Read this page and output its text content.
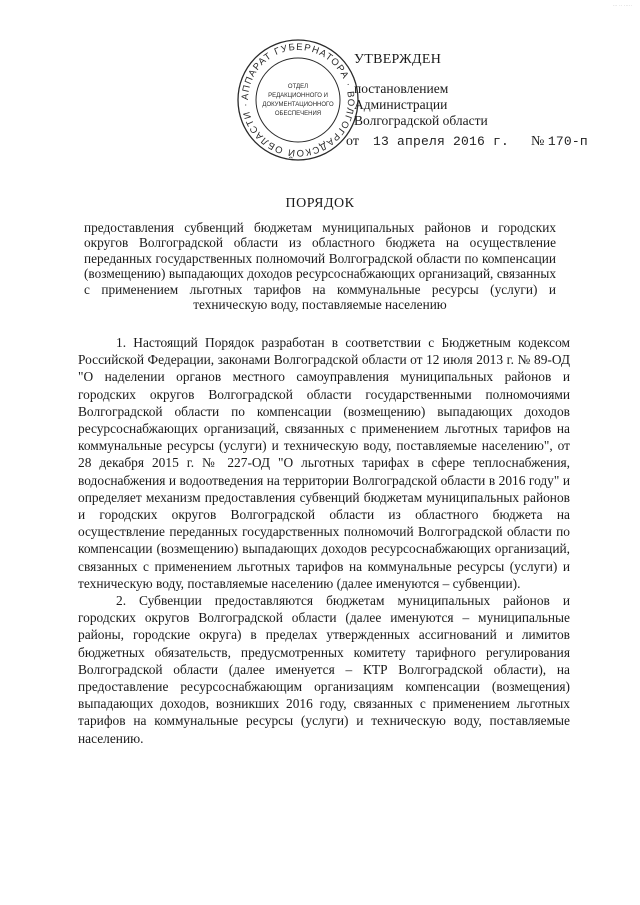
··· ·· ·····
АППАРАТ ГУБЕРНАТОРА · ВОЛГОГРАДСКОЙ ОБЛАСТИ ·
ОТДЕЛ
РЕДАКЦИОННОГО И
ДОКУМЕНТАЦИОННОГО
ОБЕСПЕЧЕНИЯ
УТВЕРЖДЕН
постановлением
Администрации
Волгоградской области
от 13 апреля 2016 г. № 170-п
ПОРЯДОК
предоставления субвенций бюджетам муниципальных районов и городских округов Волгоградской области из областного бюджета на осуществление переданных государственных полномочий Волгоградской области по компенсации (возмещению) выпадающих доходов ресурсоснабжающих организаций, связанных с применением льготных тарифов на коммунальные ресурсы (услуги) и техническую воду, поставляемые населению

1. Настоящий Порядок разработан в соответствии с Бюджетным кодексом Российской Федерации, законами Волгоградской области от 12 июля 2013 г. № 89-ОД "О наделении органов местного самоуправления муниципальных районов и городских округов Волгоградской области государственными полномочиями Волгоградской области по компенсации (возмещению) выпадающих доходов ресурсоснабжающих организаций, связанных с применением льготных тарифов на коммунальные ресурсы (услуги) и техническую воду, поставляемые населению", от 28 декабря 2015 г. № 227-ОД "О льготных тарифах в сфере теплоснабжения, водоснабжения и водоотведения на территории Волгоградской области в 2016 году" и определяет механизм предоставления субвенций бюджетам муниципальных районов и городских округов Волгоградской области из областного бюджета на осуществление переданных государственных полномочий Волгоградской области по компенсации (возмещению) выпадающих доходов ресурсоснабжающих организаций, связанных с применением льготных тарифов на коммунальные ресурсы (услуги) и техническую воду, поставляемые населению (далее именуются – субвенции).

2. Субвенции предоставляются бюджетам муниципальных районов и городских округов Волгоградской области (далее именуются – муниципальные районы, городские округа) в пределах утвержденных ассигнований и лимитов бюджетных обязательств, предусмотренных комитету тарифного регулирования Волгоградской области (далее именуется – КТР Волгоградской области), на предоставление ресурсоснабжающим организациям компенсации (возмещения) выпадающих доходов, возникших 2016 году, связанных с применением льготных тарифов на коммунальные ресурсы (услуги) и техническую воду, поставляемые населению.
